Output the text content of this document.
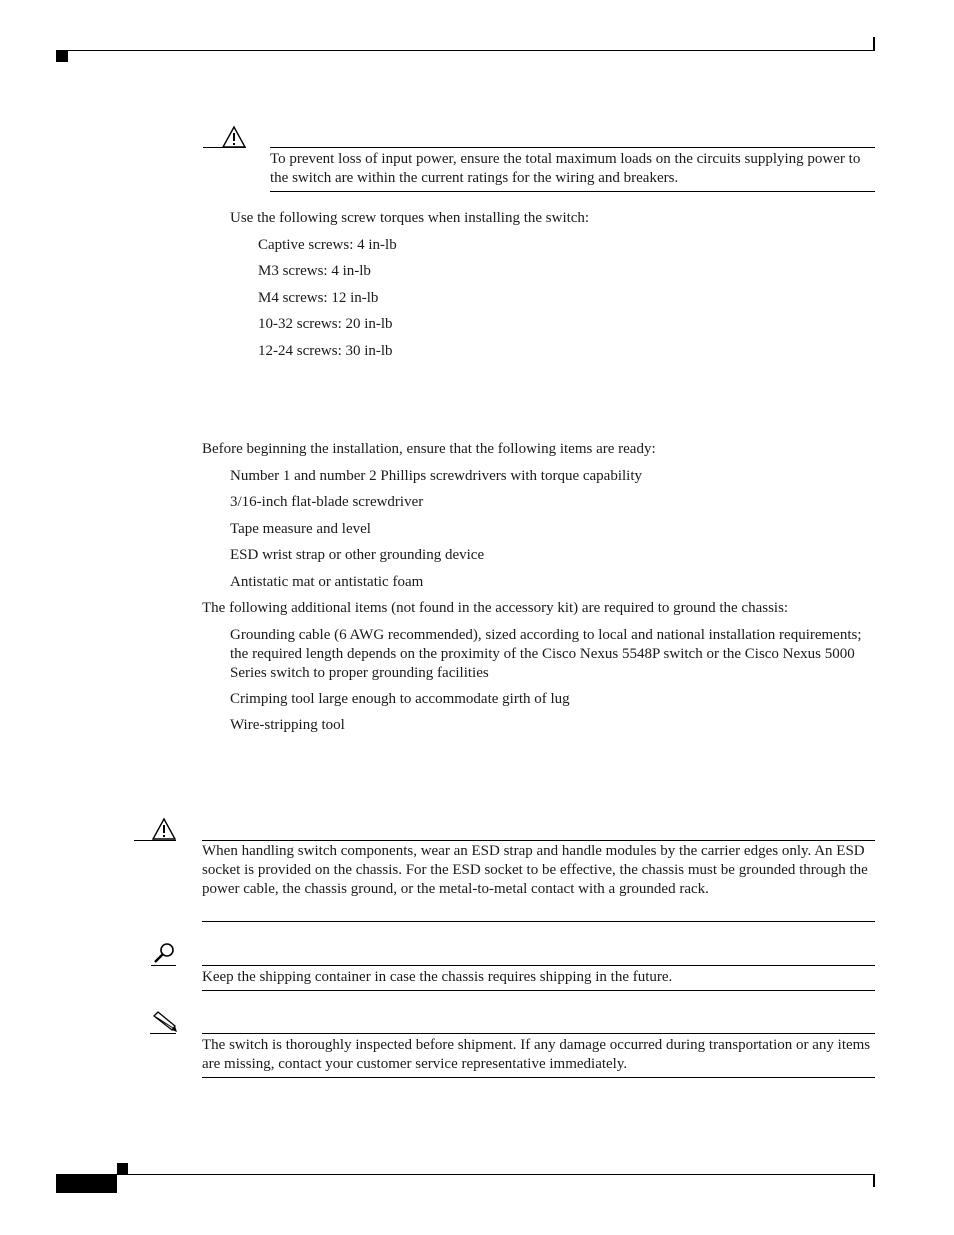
To prevent loss of input power, ensure the total maximum loads on the circuits supplying power to the switch are within the current ratings for the wiring and breakers.
Use the following screw torques when installing the switch:
Captive screws: 4 in-lb
M3 screws: 4 in-lb
M4 screws: 12 in-lb
10-32 screws: 20 in-lb
12-24 screws: 30 in-lb
Before beginning the installation, ensure that the following items are ready:
Number 1 and number 2 Phillips screwdrivers with torque capability
3/16-inch flat-blade screwdriver
Tape measure and level
ESD wrist strap or other grounding device
Antistatic mat or antistatic foam
The following additional items (not found in the accessory kit) are required to ground the chassis:
Grounding cable (6 AWG recommended), sized according to local and national installation requirements; the required length depends on the proximity of the Cisco Nexus 5548P switch or the Cisco Nexus 5000 Series switch to proper grounding facilities
Crimping tool large enough to accommodate girth of lug
Wire-stripping tool
When handling switch components, wear an ESD strap and handle modules by the carrier edges only. An ESD socket is provided on the chassis. For the ESD socket to be effective, the chassis must be grounded through the power cable, the chassis ground, or the metal-to-metal contact with a grounded rack.
Keep the shipping container in case the chassis requires shipping in the future.
The switch is thoroughly inspected before shipment. If any damage occurred during transportation or any items are missing, contact your customer service representative immediately.
